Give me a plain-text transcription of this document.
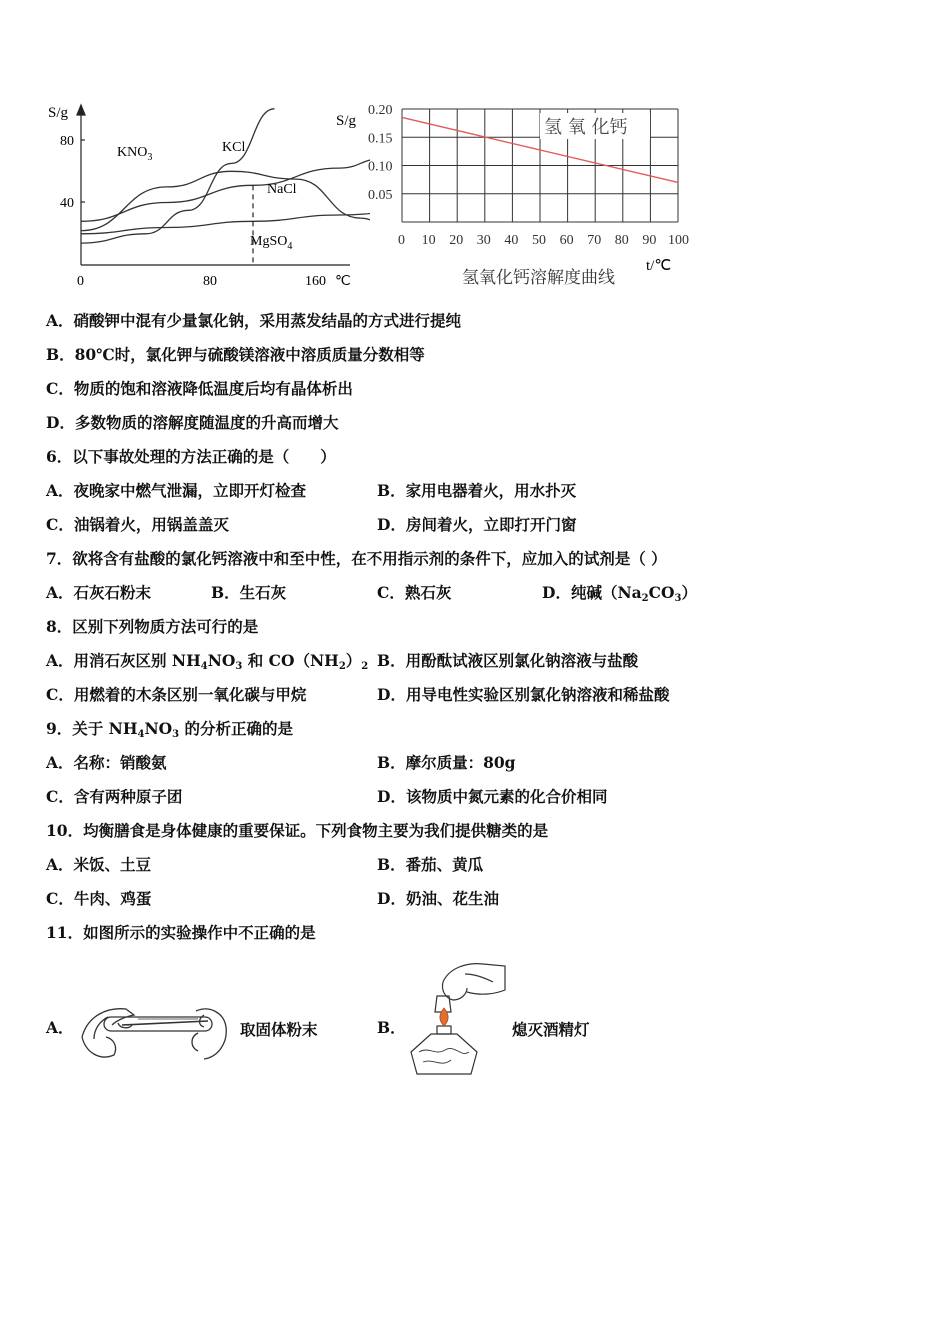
S/g
80
40
0	80	160 ℃
$KNO_3$
KCl
NaCl
MgSO$_4$
S/g
0.20
0.15
0.10
0.05
0 10 20 30 40 50 60 70 80 90 100
氢 氧 化钙
t/℃
氢氧化钙溶解度曲线
A．硝酸钾中混有少量氯化钠，采用蒸发结晶的方式进行提纯
B．80℃时，氯化钾与硫酸镁溶液中溶质质量分数相等
C．物质的饱和溶液降低温度后均有晶体析出
D．多数物质的溶解度随温度的升高而增大
6．以下事故处理的方法正确的是（　　）
A．夜晚家中燃气泄漏，立即开灯检查	B．家用电器着火，用水扑灭
C．油锅着火，用锅盖盖灭	D．房间着火，立即打开门窗
7．欲将含有盐酸的氯化钙溶液中和至中性，在不用指示剂的条件下，应加入的试剂是（ ）
A．石灰石粉末	B．生石灰	C．熟石灰	D．纯碱$(Na_2CO_3)$
8．区别下列物质方法可行的是
A．用消石灰区别 $NH_4NO_3$ 和 $CO(NH_2)_2$ B．用酚酞试液区别氯化钠溶液与盐酸
C．用燃着的木条区别一氧化碳与甲烷	D．用导电性实验区别氯化钠溶液和稀盐酸
9．关于 $NH_4NO_3$ 的分析正确的是
A．名称：销酸氨	B．摩尔质量：80g
C．含有两种原子团	D．该物质中氮元素的化合价相同
10．均衡膳食是身体健康的重要保证。下列食物主要为我们提供糖类的是
A．米饭、土豆	B．番茄、黄瓜
C．牛肉、鸡蛋	D．奶油、花生油
11．如图所示的实验操作中不正确的是
A．	取固体粉末	B．	熄灭酒精灯
